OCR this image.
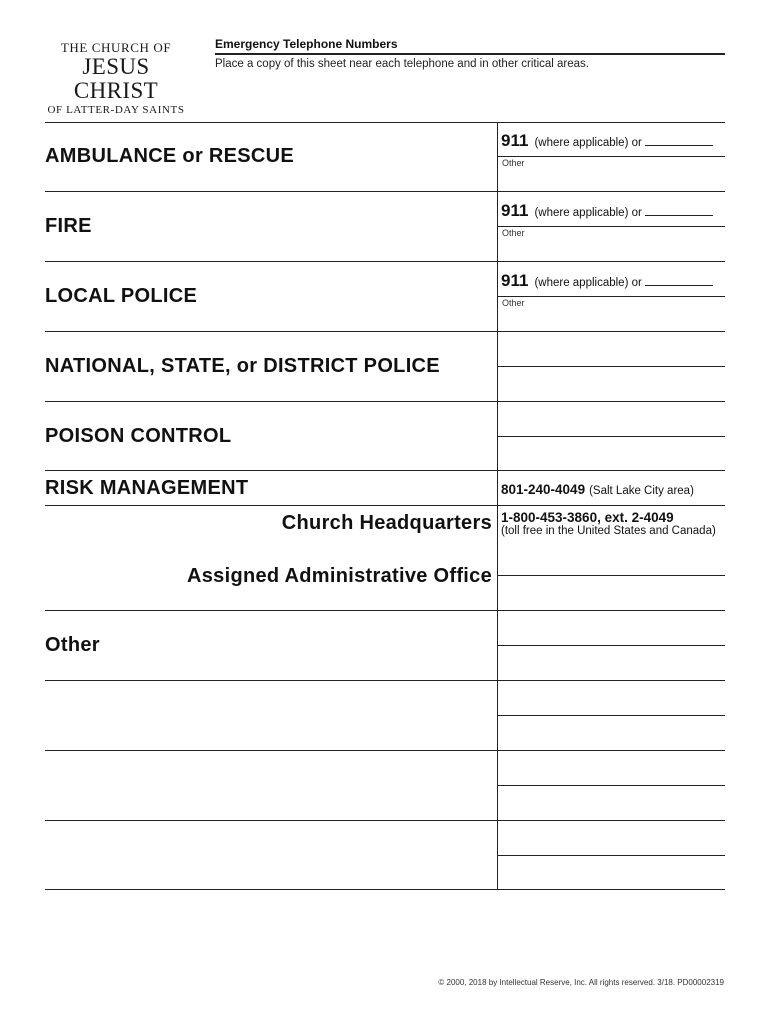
THE CHURCH OF
JESUS CHRIST
OF LATTER-DAY SAINTS
Emergency Telephone Numbers
Place a copy of this sheet near each telephone and in other critical areas.
AMBULANCE or RESCUE
FIRE
LOCAL POLICE
NATIONAL, STATE, or DISTRICT POLICE
POISON CONTROL
RISK MANAGEMENT
Church Headquarters
Assigned Administrative Office
Other
911 (where applicable) or
Other
911 (where applicable) or
Other
911 (where applicable) or
Other
801-240-4049 (Salt Lake City area)
1-800-453-3860, ext. 2-4049
(toll free in the United States and Canada)
© 2000, 2018 by Intellectual Reserve, Inc. All rights reserved. 3/18. PD00002319
